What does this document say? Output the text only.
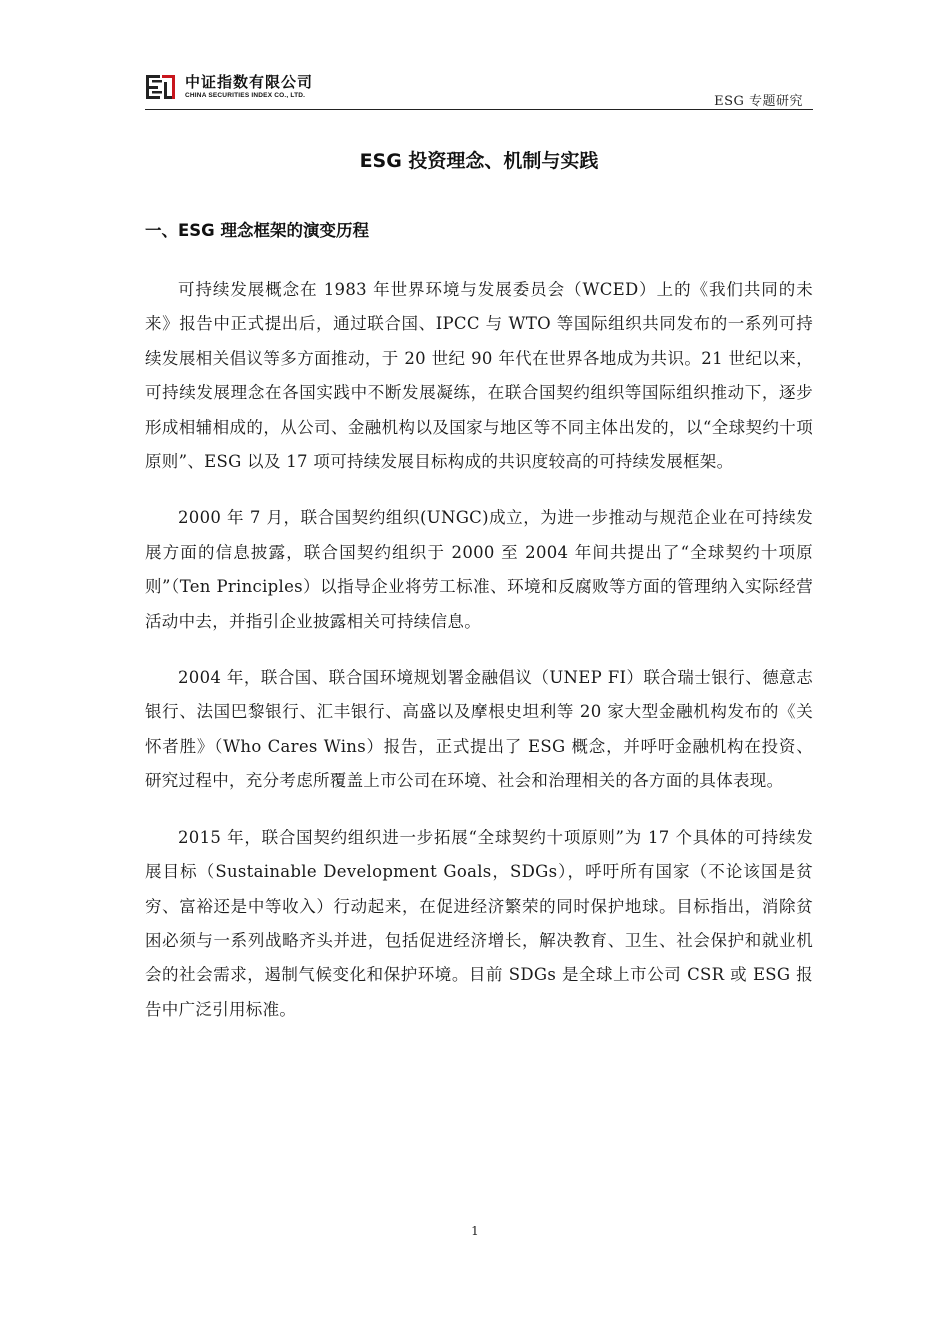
中证指数有限公司
CHINA SECURITIES INDEX CO., LTD.	ESG 专题研究
ESG 投资理念、机制与实践
一、ESG 理念框架的演变历程

可持续发展概念在 1983 年世界环境与发展委员会（WCED）上的《我们共同的未来》报告中正式提出后，通过联合国、IPCC 与 WTO 等国际组织共同发布的一系列可持续发展相关倡议等多方面推动，于 20 世纪 90 年代在世界各地成为共识。21 世纪以来，可持续发展理念在各国实践中不断发展凝练，在联合国契约组织等国际组织推动下，逐步形成相辅相成的，从公司、金融机构以及国家与地区等不同主体出发的，以“全球契约十项原则”、ESG 以及 17 项可持续发展目标构成的共识度较高的可持续发展框架。

2000 年 7 月，联合国契约组织(UNGC)成立，为进一步推动与规范企业在可持续发展方面的信息披露，联合国契约组织于 2000 至 2004 年间共提出了“全球契约十项原则”（Ten Principles）以指导企业将劳工标准、环境和反腐败等方面的管理纳入实际经营活动中去，并指引企业披露相关可持续信息。

2004 年，联合国、联合国环境规划署金融倡议（UNEP FI）联合瑞士银行、德意志银行、法国巴黎银行、汇丰银行、高盛以及摩根史坦利等 20 家大型金融机构发布的《关怀者胜》（Who Cares Wins）报告，正式提出了 ESG 概念，并呼吁金融机构在投资、研究过程中，充分考虑所覆盖上市公司在环境、社会和治理相关的各方面的具体表现。

2015 年，联合国契约组织进一步拓展“全球契约十项原则”为 17 个具体的可持续发展目标（Sustainable Development Goals，SDGs），呼吁所有国家（不论该国是贫穷、富裕还是中等收入）行动起来，在促进经济繁荣的同时保护地球。目标指出，消除贫困必须与一系列战略齐头并进，包括促进经济增长，解决教育、卫生、社会保护和就业机会的社会需求，遏制气候变化和保护环境。目前 SDGs 是全球上市公司 CSR 或 ESG 报告中广泛引用标准。

1
